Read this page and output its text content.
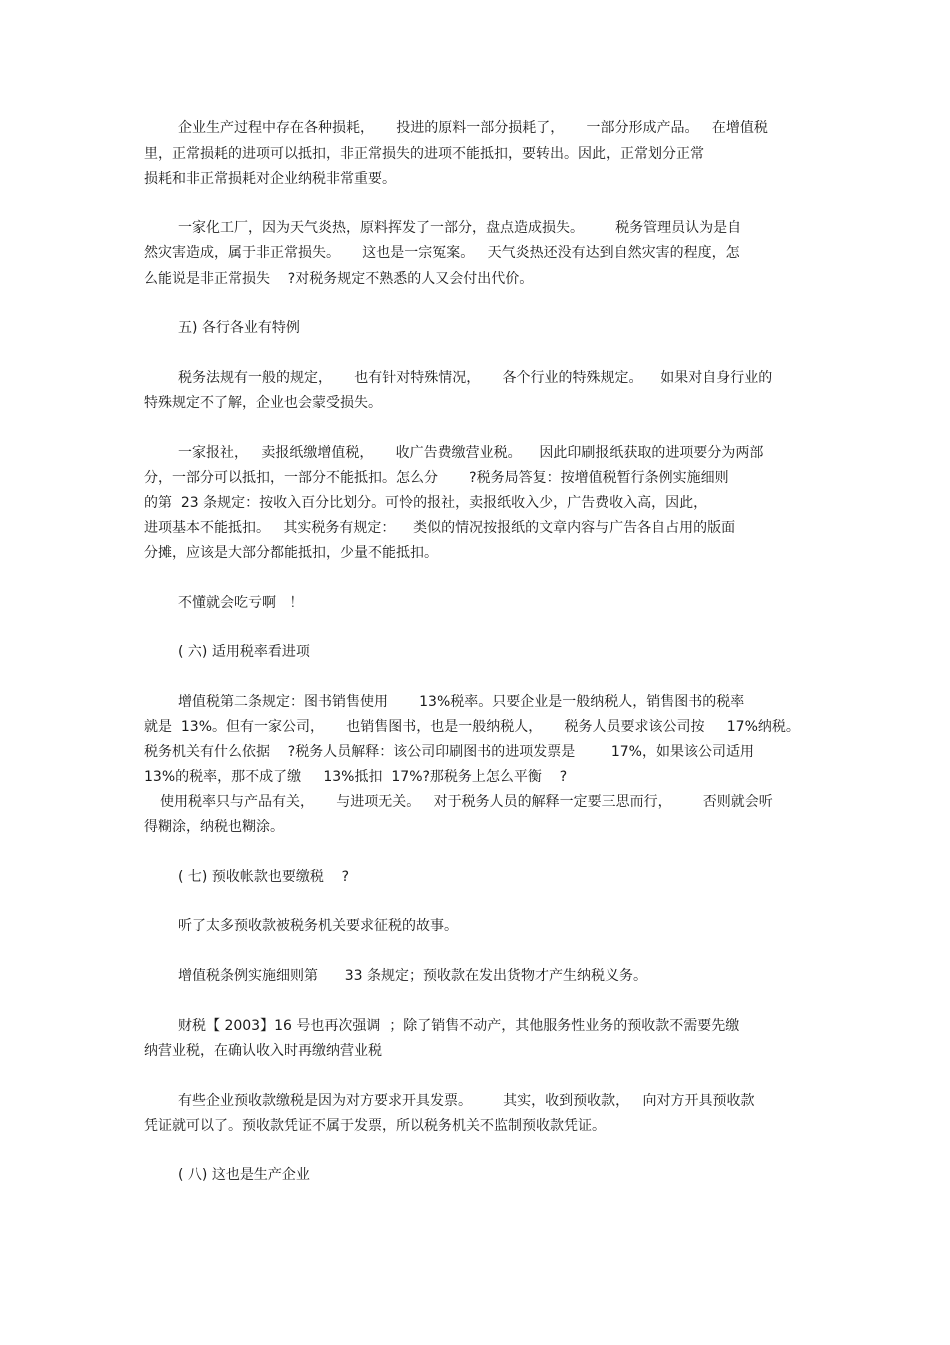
企业生产过程中存在各种损耗，     投进的原料一部分损耗了，     一部分形成产品。   在增值税
里，正常损耗的进项可以抵扣，非正常损失的进项不能抵扣，要转出。因此，正常划分正常
损耗和非正常损耗对企业纳税非常重要。
一家化工厂，因为天气炎热，原料挥发了一部分，盘点造成损失。       税务管理员认为是自
然灾害造成，属于非正常损失。     这也是一宗冤案。   天气炎热还没有达到自然灾害的程度，怎
么能说是非正常损失    ?对税务规定不熟悉的人又会付出代价。
五) 各行各业有特例
税务法规有一般的规定，     也有针对特殊情况，     各个行业的特殊规定。    如果对自身行业的
特殊规定不了解，企业也会蒙受损失。
一家报社，   卖报纸缴增值税，     收广告费缴营业税。    因此印刷报纸获取的进项要分为两部
分，一部分可以抵扣，一部分不能抵扣。怎么分       ?税务局答复：按增值税暂行条例实施细则
的第  23 条规定：按收入百分比划分。可怜的报社，卖报纸收入少，广告费收入高，因此，
进项基本不能抵扣。   其实税务有规定：    类似的情况按报纸的文章内容与广告各自占用的版面
分摊，应该是大部分都能抵扣，少量不能抵扣。
不懂就会吃亏啊   ！
( 六) 适用税率看进项
增值税第二条规定：图书销售使用       13%税率。只要企业是一般纳税人，销售图书的税率
就是  13%。但有一家公司，     也销售图书，也是一般纳税人，     税务人员要求该公司按     17%纳税。
税务机关有什么依据    ?税务人员解释：该公司印刷图书的进项发票是        17%，如果该公司适用
13%的税率，那不成了缴     13%抵扣  17%?那税务上怎么平衡    ?
使用税率只与产品有关，     与进项无关。   对于税务人员的解释一定要三思而行，       否则就会听
得糊涂，纳税也糊涂。
( 七) 预收帐款也要缴税    ?
听了太多预收款被税务机关要求征税的故事。
增值税条例实施细则第      33 条规定；预收款在发出货物才产生纳税义务。
财税【 2003】16 号也再次强调  ；除了销售不动产，其他服务性业务的预收款不需要先缴
纳营业税，在确认收入时再缴纳营业税
有些企业预收款缴税是因为对方要求开具发票。       其实，收到预收款，   向对方开具预收款
凭证就可以了。预收款凭证不属于发票，所以税务机关不监制预收款凭证。
( 八) 这也是生产企业
